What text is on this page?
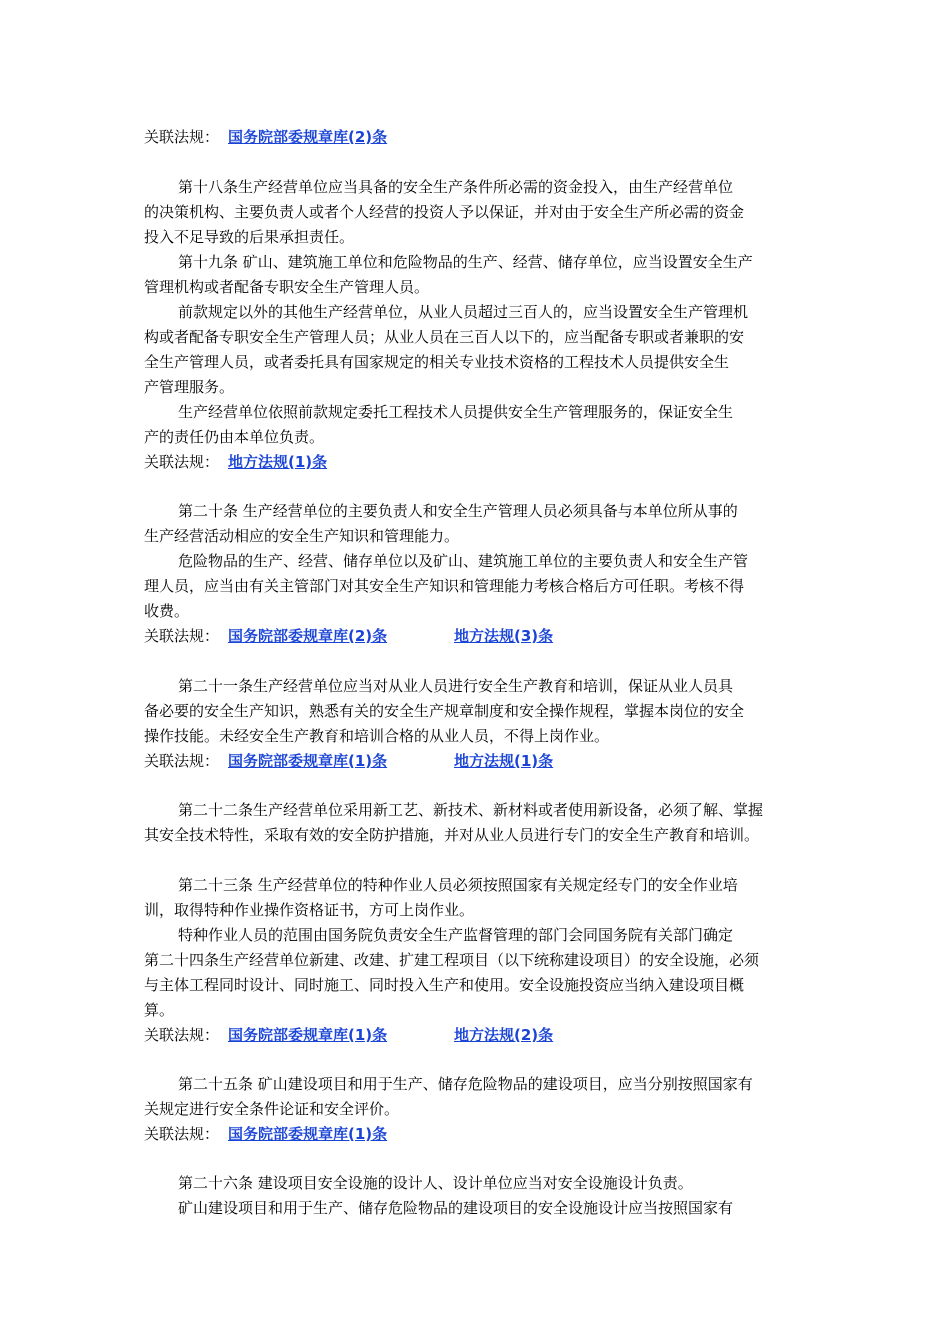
关联法规： 国务院部委规章库(2)条
第十八条生产经营单位应当具备的安全生产条件所必需的资金投入，由生产经营单位
的决策机构、主要负责人或者个人经营的投资人予以保证，并对由于安全生产所必需的资金
投入不足导致的后果承担责任。
第十九条 矿山、建筑施工单位和危险物品的生产、经营、储存单位，应当设置安全生产
管理机构或者配备专职安全生产管理人员。
前款规定以外的其他生产经营单位，从业人员超过三百人的，应当设置安全生产管理机
构或者配备专职安全生产管理人员；从业人员在三百人以下的，应当配备专职或者兼职的安
全生产管理人员，或者委托具有国家规定的相关专业技术资格的工程技术人员提供安全生
产管理服务。
生产经营单位依照前款规定委托工程技术人员提供安全生产管理服务的，保证安全生
产的责任仍由本单位负责。
关联法规： 地方法规(1)条
第二十条 生产经营单位的主要负责人和安全生产管理人员必须具备与本单位所从事的
生产经营活动相应的安全生产知识和管理能力。
危险物品的生产、经营、储存单位以及矿山、建筑施工单位的主要负责人和安全生产管
理人员，应当由有关主管部门对其安全生产知识和管理能力考核合格后方可任职。考核不得
收费。
关联法规： 国务院部委规章库(2)条	地方法规(3)条
第二十一条生产经营单位应当对从业人员进行安全生产教育和培训，保证从业人员具
备必要的安全生产知识，熟悉有关的安全生产规章制度和安全操作规程，掌握本岗位的安全
操作技能。未经安全生产教育和培训合格的从业人员，不得上岗作业。
关联法规： 国务院部委规章库(1)条	地方法规(1)条
第二十二条生产经营单位采用新工艺、新技术、新材料或者使用新设备，必须了解、掌握
其安全技术特性，采取有效的安全防护措施，并对从业人员进行专门的安全生产教育和培训。
第二十三条 生产经营单位的特种作业人员必须按照国家有关规定经专门的安全作业培
训，取得特种作业操作资格证书，方可上岗作业。
特种作业人员的范围由国务院负责安全生产监督管理的部门会同国务院有关部门确定
第二十四条生产经营单位新建、改建、扩建工程项目（以下统称建设项目）的安全设施，必须
与主体工程同时设计、同时施工、同时投入生产和使用。安全设施投资应当纳入建设项目概
算。
关联法规： 国务院部委规章库(1)条	地方法规(2)条
第二十五条 矿山建设项目和用于生产、储存危险物品的建设项目，应当分别按照国家有
关规定进行安全条件论证和安全评价。
关联法规： 国务院部委规章库(1)条
第二十六条 建设项目安全设施的设计人、设计单位应当对安全设施设计负责。
矿山建设项目和用于生产、储存危险物品的建设项目的安全设施设计应当按照国家有
